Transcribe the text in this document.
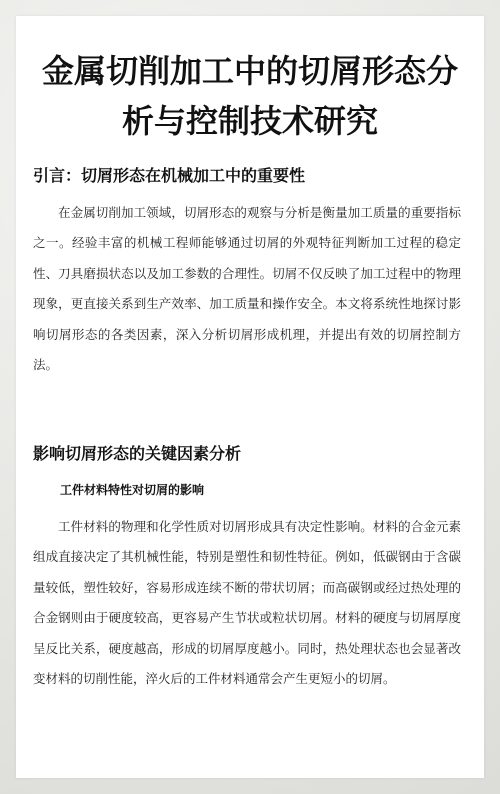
金属切削加工中的切屑形态分析与控制技术研究
引言：切屑形态在机械加工中的重要性

在金属切削加工领域，切屑形态的观察与分析是衡量加工质量的重要指标之一。经验丰富的机械工程师能够通过切屑的外观特征判断加工过程的稳定性、刀具磨损状态以及加工参数的合理性。切屑不仅反映了加工过程中的物理现象，更直接关系到生产效率、加工质量和操作安全。本文将系统性地探讨影响切屑形态的各类因素，深入分析切屑形成机理，并提出有效的切屑控制方法。

影响切屑形态的关键因素分析
工件材料特性对切屑的影响

工件材料的物理和化学性质对切屑形成具有决定性影响。材料的合金元素组成直接决定了其机械性能，特别是塑性和韧性特征。例如，低碳钢由于含碳量较低，塑性较好，容易形成连续不断的带状切屑；而高碳钢或经过热处理的合金钢则由于硬度较高，更容易产生节状或粒状切屑。材料的硬度与切屑厚度呈反比关系，硬度越高，形成的切屑厚度越小。同时，热处理状态也会显著改变材料的切削性能，淬火后的工件材料通常会产生更短小的切屑。
